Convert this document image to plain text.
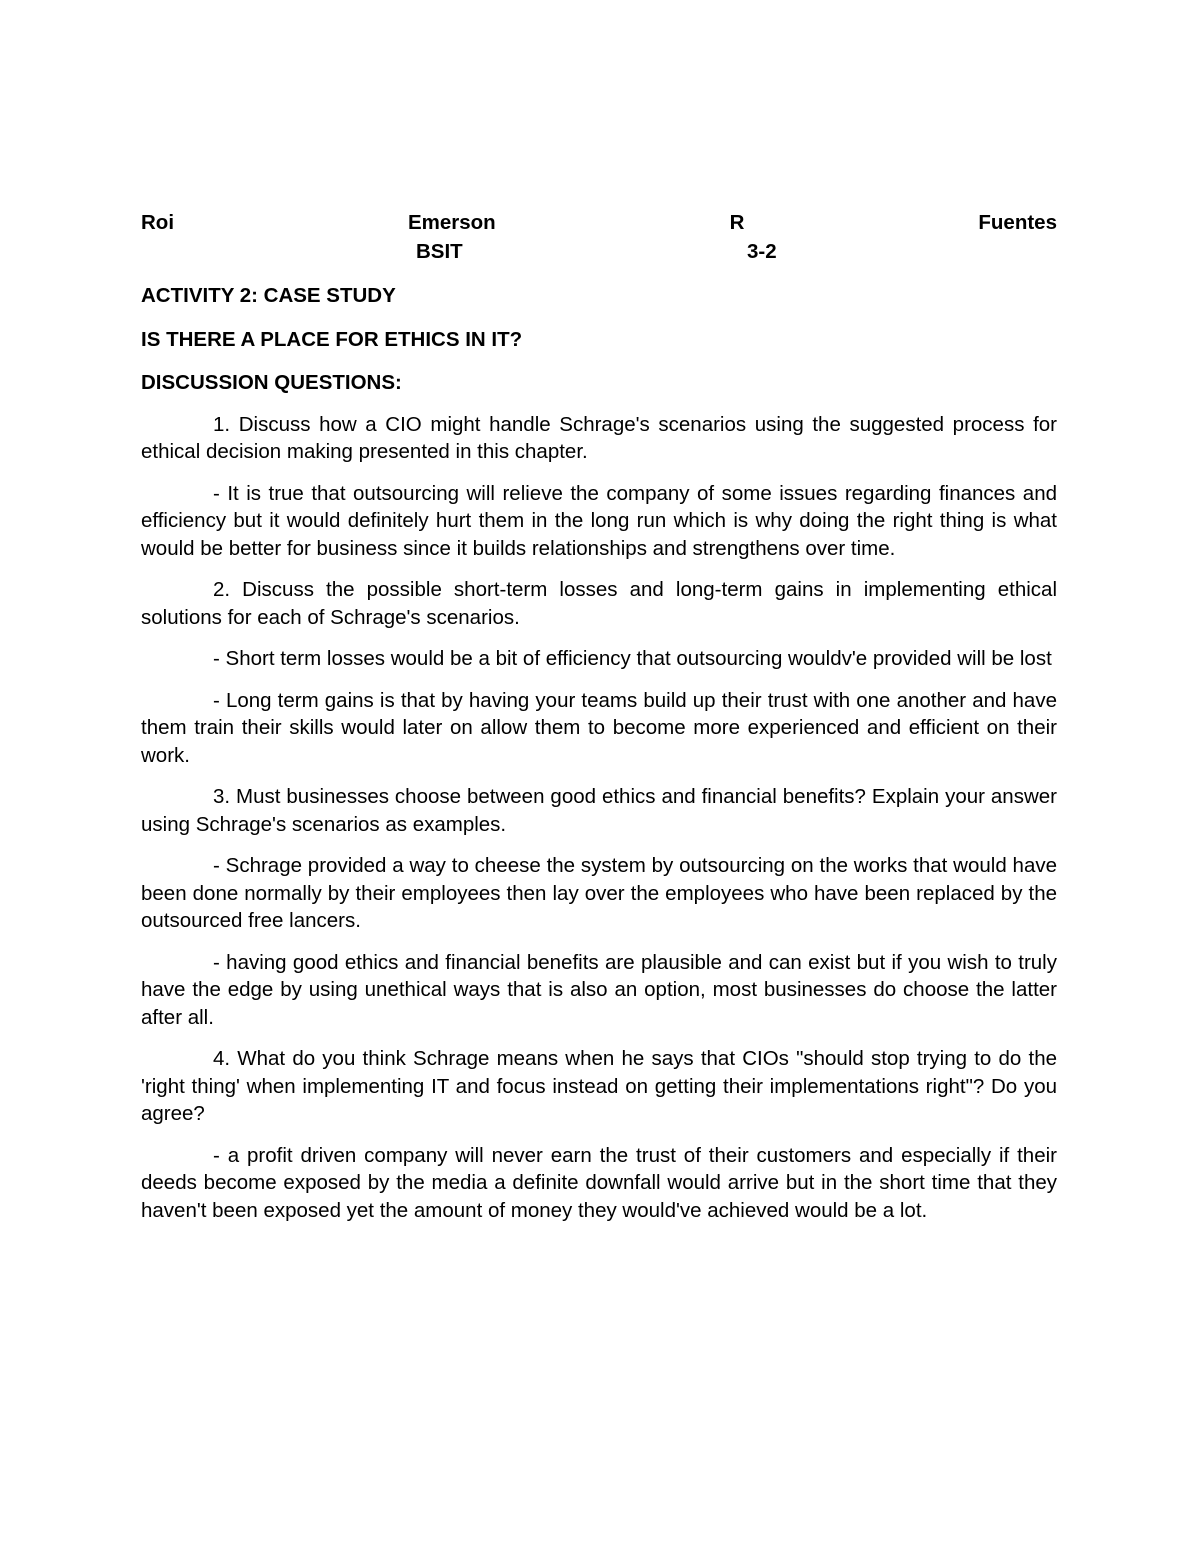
Roi	Emerson	R	Fuentes
BSIT	3-2

ACTIVITY 2: CASE STUDY

IS THERE A PLACE FOR ETHICS IN IT?

DISCUSSION QUESTIONS:

1. Discuss how a CIO might handle Schrage's scenarios using the suggested process for ethical decision making presented in this chapter.

- It is true that outsourcing will relieve the company of some issues regarding finances and efficiency but it would definitely hurt them in the long run which is why doing the right thing is what would be better for business since it builds relationships and strengthens over time.

2. Discuss the possible short-term losses and long-term gains in implementing ethical solutions for each of Schrage's scenarios.

- Short term losses would be a bit of efficiency that outsourcing wouldv'e provided will be lost

- Long term gains is that by having your teams build up their trust with one another and have them train their skills would later on allow them to become more experienced and efficient on their work.

3. Must businesses choose between good ethics and financial benefits? Explain your answer using Schrage's scenarios as examples.

- Schrage provided a way to cheese the system by outsourcing on the works that would have been done normally by their employees then lay over the employees who have been replaced by the outsourced free lancers.

- having good ethics and financial benefits are plausible and can exist but if you wish to truly have the edge by using unethical ways that is also an option, most businesses do choose the latter after all.

4. What do you think Schrage means when he says that CIOs "should stop trying to do the 'right thing' when implementing IT and focus instead on getting their implementations right"? Do you agree?

- a profit driven company will never earn the trust of their customers and especially if their deeds become exposed by the media a definite downfall would arrive but in the short time that they haven't been exposed yet the amount of money they would've achieved would be a lot.
